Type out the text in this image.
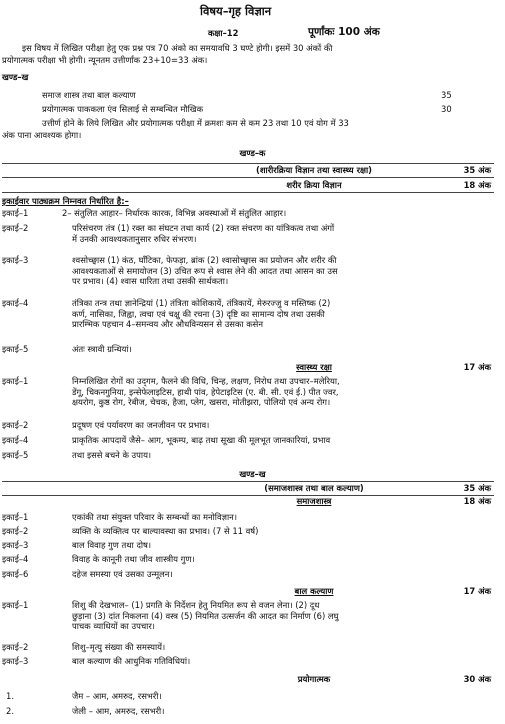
विषय–गृह विज्ञान
कक्षा–12	पूर्णांकः 100 अंक
इस विषय में लिखित परीक्षा हेतु एक प्रश्न पत्र 70 अंको का समयावधि 3 घण्टे होगी। इसमें 30 अंकों की
प्रयोगात्मक परीक्षा भी होगी। न्यूनतम उत्तीर्णांक 23+10=33 अंक।
खण्ड–ख
समाज शास्त्र तथा बाल कल्याण	35
प्रयोगात्मक पाककला एंव सिलाई से सम्बन्धित मौखिक	30
उत्तीर्ण होने के लिये लिखित और प्रयोगात्मक परीक्षा में क्रमशः कम से कम 23 तथा 10 एवं योग में 33
अंक पाना आवश्यक होगा।
खण्ड–क
(शारीरक्रिया विज्ञान तथा स्वास्थ्य रक्षा)	35 अंक
शरीर क्रिया विज्ञान	18 अंक
इकाईवार पाठ्यक्रम निम्नवत निर्धारित है:–
इकाई–1	2– संतुलित आहार– निर्धारक कारक, विभिन्न अवस्थाओं में संतुलित आहार।
इकाई–2	परिसंचरण तंत्र (1) रक्त का संघटन तथा कार्य (2) रक्त संचरण का यांत्रिकत्व तथा अंगों
में उनकी आवश्यकतानुसार रुधिर संभरण।
इकाई–3	श्वसोच्छ्वास (1) कंठ, घाँटिका, फेफड़ा, ब्रांक (2) श्वासोच्छ्वास का प्रयोजन और शरीर की
आवश्यकताओं से समायोजन (3) उचित रूप से श्वास लेने की आदत तथा आसन का उस
पर प्रभाव। (4) श्वास धारिता तथा उसकी सार्थकता।
इकाई–4	तंत्रिका तन्त्र तथा ज्ञानेन्द्रियां (1) तंत्रिता कोशिकायें, तंत्रिकायें, मेरुरज्जु व मस्तिष्क (2)
कर्ण, नासिका, जिह्वा, त्वचा एवं चक्षु की रचना (3) दृष्टि का सामान्य दोष तथा उसकी
प्रारम्भिक पहचान 4–समन्वय और औधविन्यसन से उसका कसेन
इकाई–5	अंतः स्त्रावी ग्रन्थियां।
स्वास्थ्य रक्षा	17 अंक
इकाई–1	निम्नलिखित रोगों का उद्‌गम, फैलने की विधि, चिन्ह, लक्षण, निरोध तथा उपचार–मलेरिया,
डेंगू, चिकनगुनिया, इन्सेफेलाइटिस, हाथी पांव, हेपेटाइटिस (ए. बी. सी. एवं ई.) पीत ज्वर,
क्षयरोग, कुष्ठ रोग, रेबीज, चेचक, हैजा, प्लेग, खसरा, मोतीझरा, पोलियो एवं अन्य रोग।
इकाई–2	प्रदूषण एवं पर्यावरण का जनजीवन पर प्रभाव।
इकाई–4	प्राकृतिक आपदायें जैसे– आग, भूकम्प, बाढ़ तथा सूखा की मूलभूत जानकारियां, प्रभाव
इकाई–5	तथा इससे बचने के उपाय।
खण्ड–ख
(समाजशास्त्र तथा बाल कल्याण)	35 अंक
समाजशास्त्र	18 अंक
इकाई–1	एकांकी तथा संयुक्त परिवार के सम्बन्धों का मनोविज्ञान।
इकाई–2	व्यक्ति के व्यक्तित्व पर बाल्यावस्था का प्रभाव। (7 से 11 वर्ष)
इकाई–3	बाल विवाह गुण तथा दोष।
इकाई–4	विवाह के कानूनी तथा जीव शास्त्रीय गुण।
इकाई–6	दहेज समस्या एवं उसका उन्मूलन।
बाल कल्याण	17 अंक
इकाई–1	शिशु की देखभाल– (1) प्रगति के निर्देशन हेतु नियमित रूप से वजन लेना। (2) दूध
छुड़ाना (3) दांत निकलना (4) वस्त्र (5) नियमित उत्सर्जन की आदत का निर्माण (6) लघु
पाचक व्याधियों का उपचार।
इकाई–2	शिशु–मृत्यु संख्या की समस्यायें।
इकाई–3	बाल कल्याण की आधुनिक गतिविधियां।
प्रयोगात्मक	30 अंक
1.	जैम – आम, अमरुद, रसभरी।
2.	जेली – आम, अमरुद, रसभरी।
